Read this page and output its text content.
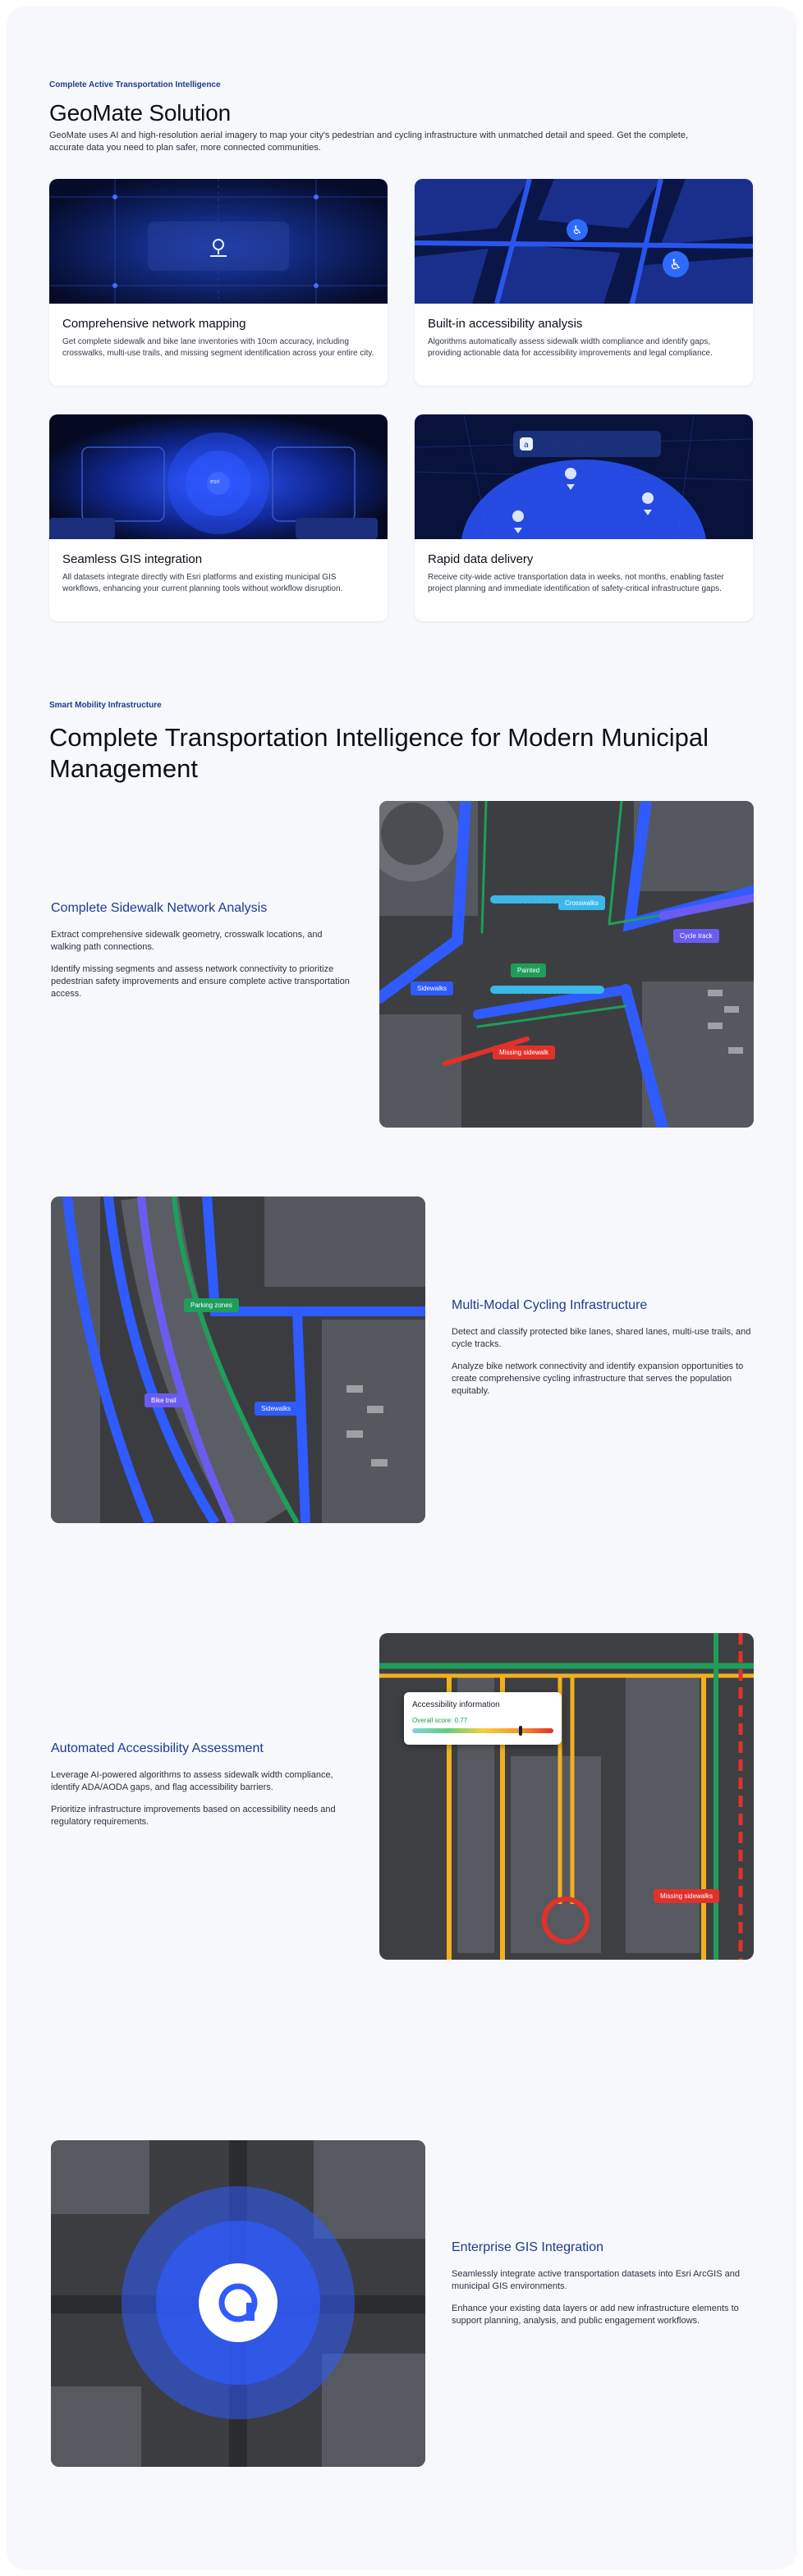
Complete Active Transportation Intelligence
GeoMate Solution
GeoMate uses AI and high-resolution aerial imagery to map your city's pedestrian and cycling infrastructure with unmatched detail and speed. Get the complete, accurate data you need to plan safer, more connected communities.
Comprehensive network mapping
Get complete sidewalk and bike lane inventories with 10cm accuracy, including crosswalks, multi-use trails, and missing segment identification across your entire city.
♿
♿
Built-in accessibility analysis
Algorithms automatically assess sidewalk width compliance and identify gaps, providing actionable data for accessibility improvements and legal compliance.
esri
Seamless GIS integration
All datasets integrate directly with Esri platforms and existing municipal GIS workflows, enhancing your current planning tools without workflow disruption.
a
Rapid data delivery
Receive city-wide active transportation data in weeks, not months, enabling faster project planning and immediate identification of safety-critical infrastructure gaps.
Smart Mobility Infrastructure
Complete Transportation Intelligence for Modern Municipal Management
Complete Sidewalk Network Analysis
Extract comprehensive sidewalk geometry, crosswalk locations, and walking path connections.
Identify missing segments and assess network connectivity to prioritize pedestrian safety improvements and ensure complete active transportation access.
Crosswalks
Cycle track
Sidewalks
Painted
Missing sidewalk
Parking zones
Bike trail
Sidewalks
Multi-Modal Cycling Infrastructure
Detect and classify protected bike lanes, shared lanes, multi-use trails, and cycle tracks.
Analyze bike network connectivity and identify expansion opportunities to create comprehensive cycling infrastructure that serves the population equitably.
Automated Accessibility Assessment
Leverage AI-powered algorithms to assess sidewalk width compliance, identify ADA/AODA gaps, and flag accessibility barriers.
Prioritize infrastructure improvements based on accessibility needs and regulatory requirements.
Accessibility information
Overall score: 0.77
Missing sidewalks
Enterprise GIS Integration
Seamlessly integrate active transportation datasets into Esri ArcGIS and municipal GIS environments.
Enhance your existing data layers or add new infrastructure elements to support planning, analysis, and public engagement workflows.
